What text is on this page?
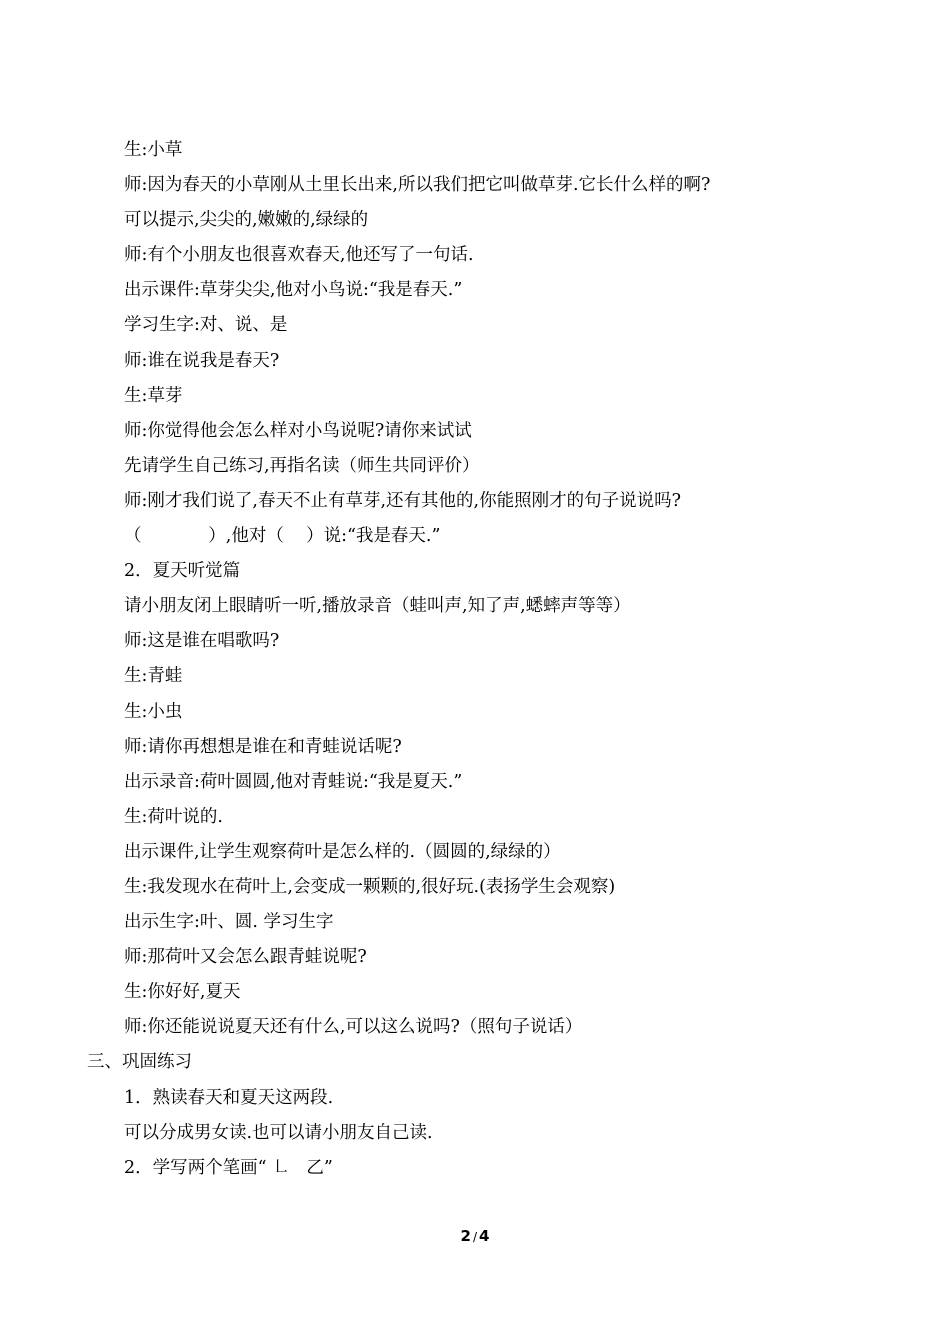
生:小草
师:因为春天的小草刚从土里长出来,所以我们把它叫做草芽.它长什么样的啊?
可以提示,尖尖的,嫩嫩的,绿绿的
师:有个小朋友也很喜欢春天,他还写了一句话.
出示课件:草芽尖尖,他对小鸟说:“我是春天.”
学习生字:对、说、是
师:谁在说我是春天?
生:草芽
师:你觉得他会怎么样对小鸟说呢?请你来试试
先请学生自己练习,再指名读（师生共同评价）
师:刚才我们说了,春天不止有草芽,还有其他的,你能照刚才的句子说说吗?
（            ）,他对（    ）说:“我是春天.”
2．夏天听觉篇
请小朋友闭上眼睛听一听,播放录音（蛙叫声,知了声,蟋蟀声等等）
师:这是谁在唱歌吗?
生:青蛙
生:小虫
师:请你再想想是谁在和青蛙说话呢?
出示录音:荷叶圆圆,他对青蛙说:“我是夏天.”
生:荷叶说的.
出示课件,让学生观察荷叶是怎么样的.（圆圆的,绿绿的）
生:我发现水在荷叶上,会变成一颗颗的,很好玩.(表扬学生会观察)
出示生字:叶、圆. 学习生字
师:那荷叶又会怎么跟青蛙说呢?
生:你好好,夏天
师:你还能说说夏天还有什么,可以这么说吗?（照句子说话）
三、巩固练习
1．熟读春天和夏天这两段.
可以分成男女读.也可以请小朋友自己读.
2．学写两个笔画“ ㇗   乙”
2 / 4
